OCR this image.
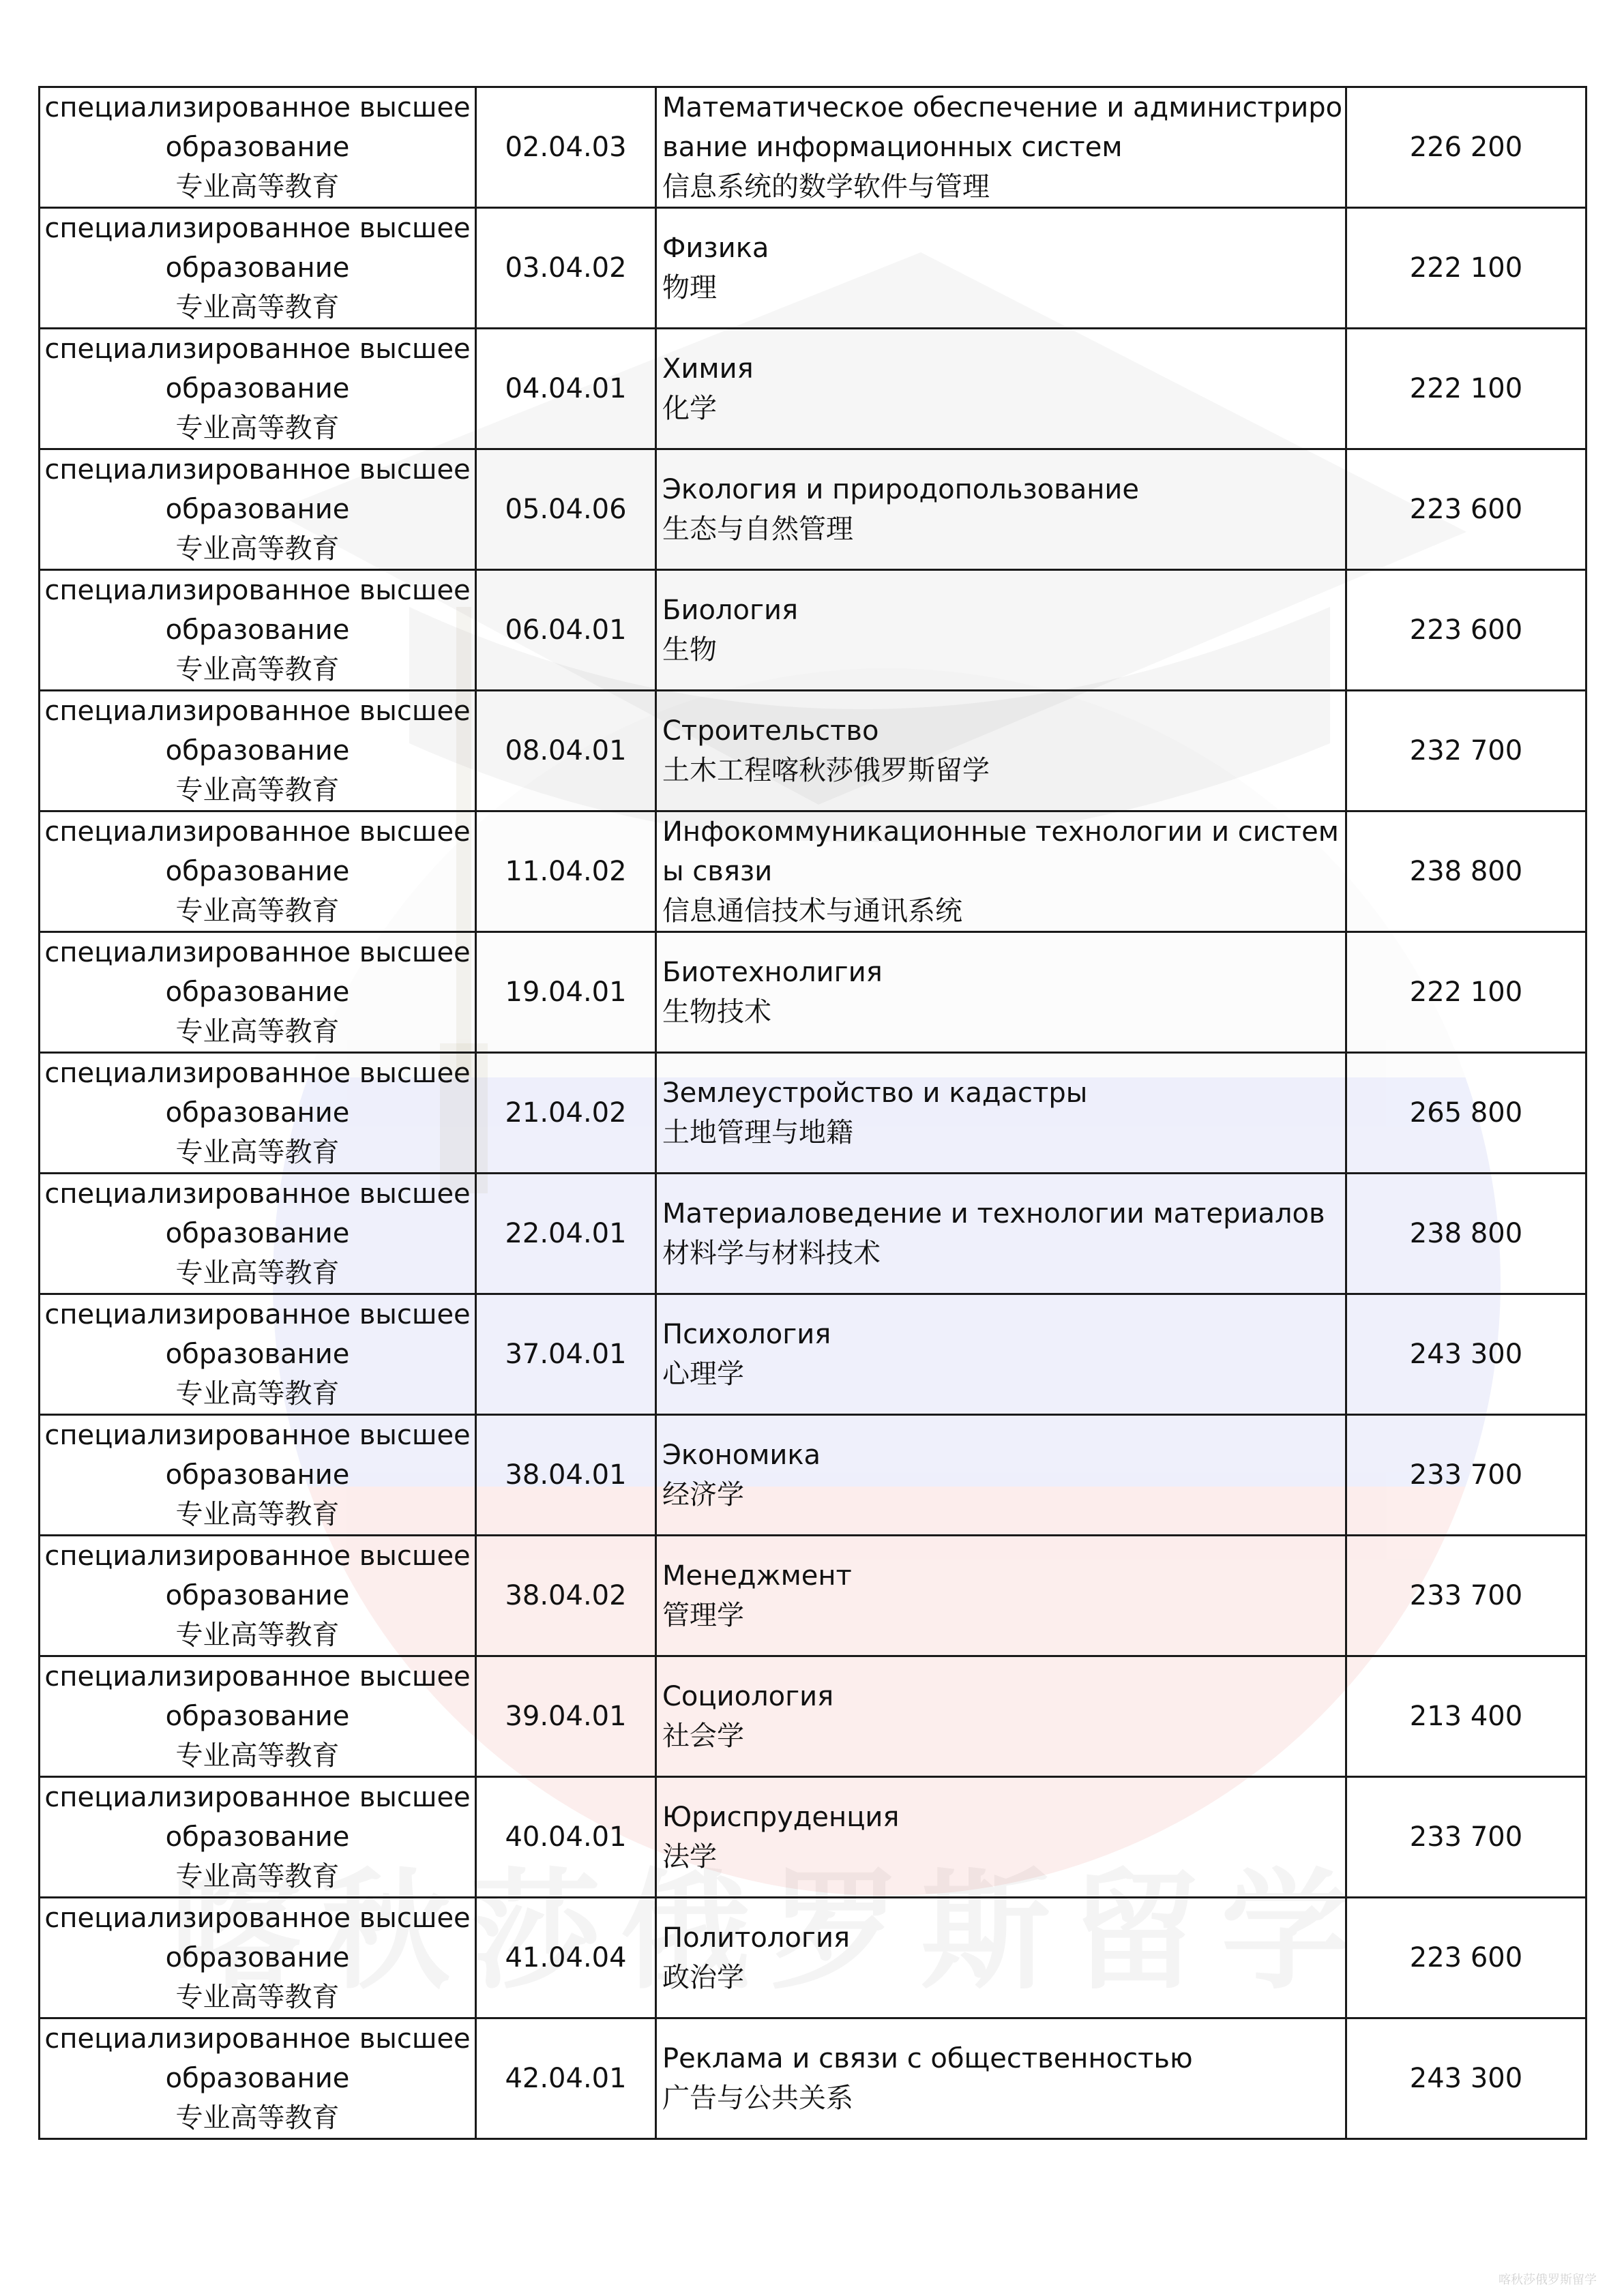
喀秋莎俄罗斯留学
специализированное высшее
образование
专业高等教育	02.04.03	Математическое обеспечение и администриро
вание информационных систем
信息系统的数学软件与管理	226 200

специализированное высшее
образование
专业高等教育	03.04.02	Физика
物理	222 100

специализированное высшее
образование
专业高等教育	04.04.01	Химия
化学	222 100

специализированное высшее
образование
专业高等教育	05.04.06	Экология и природопользование
生态与自然管理	223 600

специализированное высшее
образование
专业高等教育	06.04.01	Биология
生物	223 600

специализированное высшее
образование
专业高等教育	08.04.01	Строительство
土木工程喀秋莎俄罗斯留学	232 700

специализированное высшее
образование
专业高等教育	11.04.02	Инфокоммуникационные технологии и систем
ы связи
信息通信技术与通讯系统	238 800

специализированное высшее
образование
专业高等教育	19.04.01	Биотехнолигия
生物技术	222 100

специализированное высшее
образование
专业高等教育	21.04.02	Землеустройство и кадастры
土地管理与地籍	265 800

специализированное высшее
образование
专业高等教育	22.04.01	Материаловедение и технологии материалов
材料学与材料技术	238 800

специализированное высшее
образование
专业高等教育	37.04.01	Психология
心理学	243 300

специализированное высшее
образование
专业高等教育	38.04.01	Экономика
经济学	233 700

специализированное высшее
образование
专业高等教育	38.04.02	Менеджмент
管理学	233 700

специализированное высшее
образование
专业高等教育	39.04.01	Социология
社会学	213 400

специализированное высшее
образование
专业高等教育	40.04.01	Юриспруденция
法学	233 700

специализированное высшее
образование
专业高等教育	41.04.04	Политология
政治学	223 600

специализированное высшее
образование
专业高等教育	42.04.01	Реклама и связи с общественностью
广告与公共关系	243 300
